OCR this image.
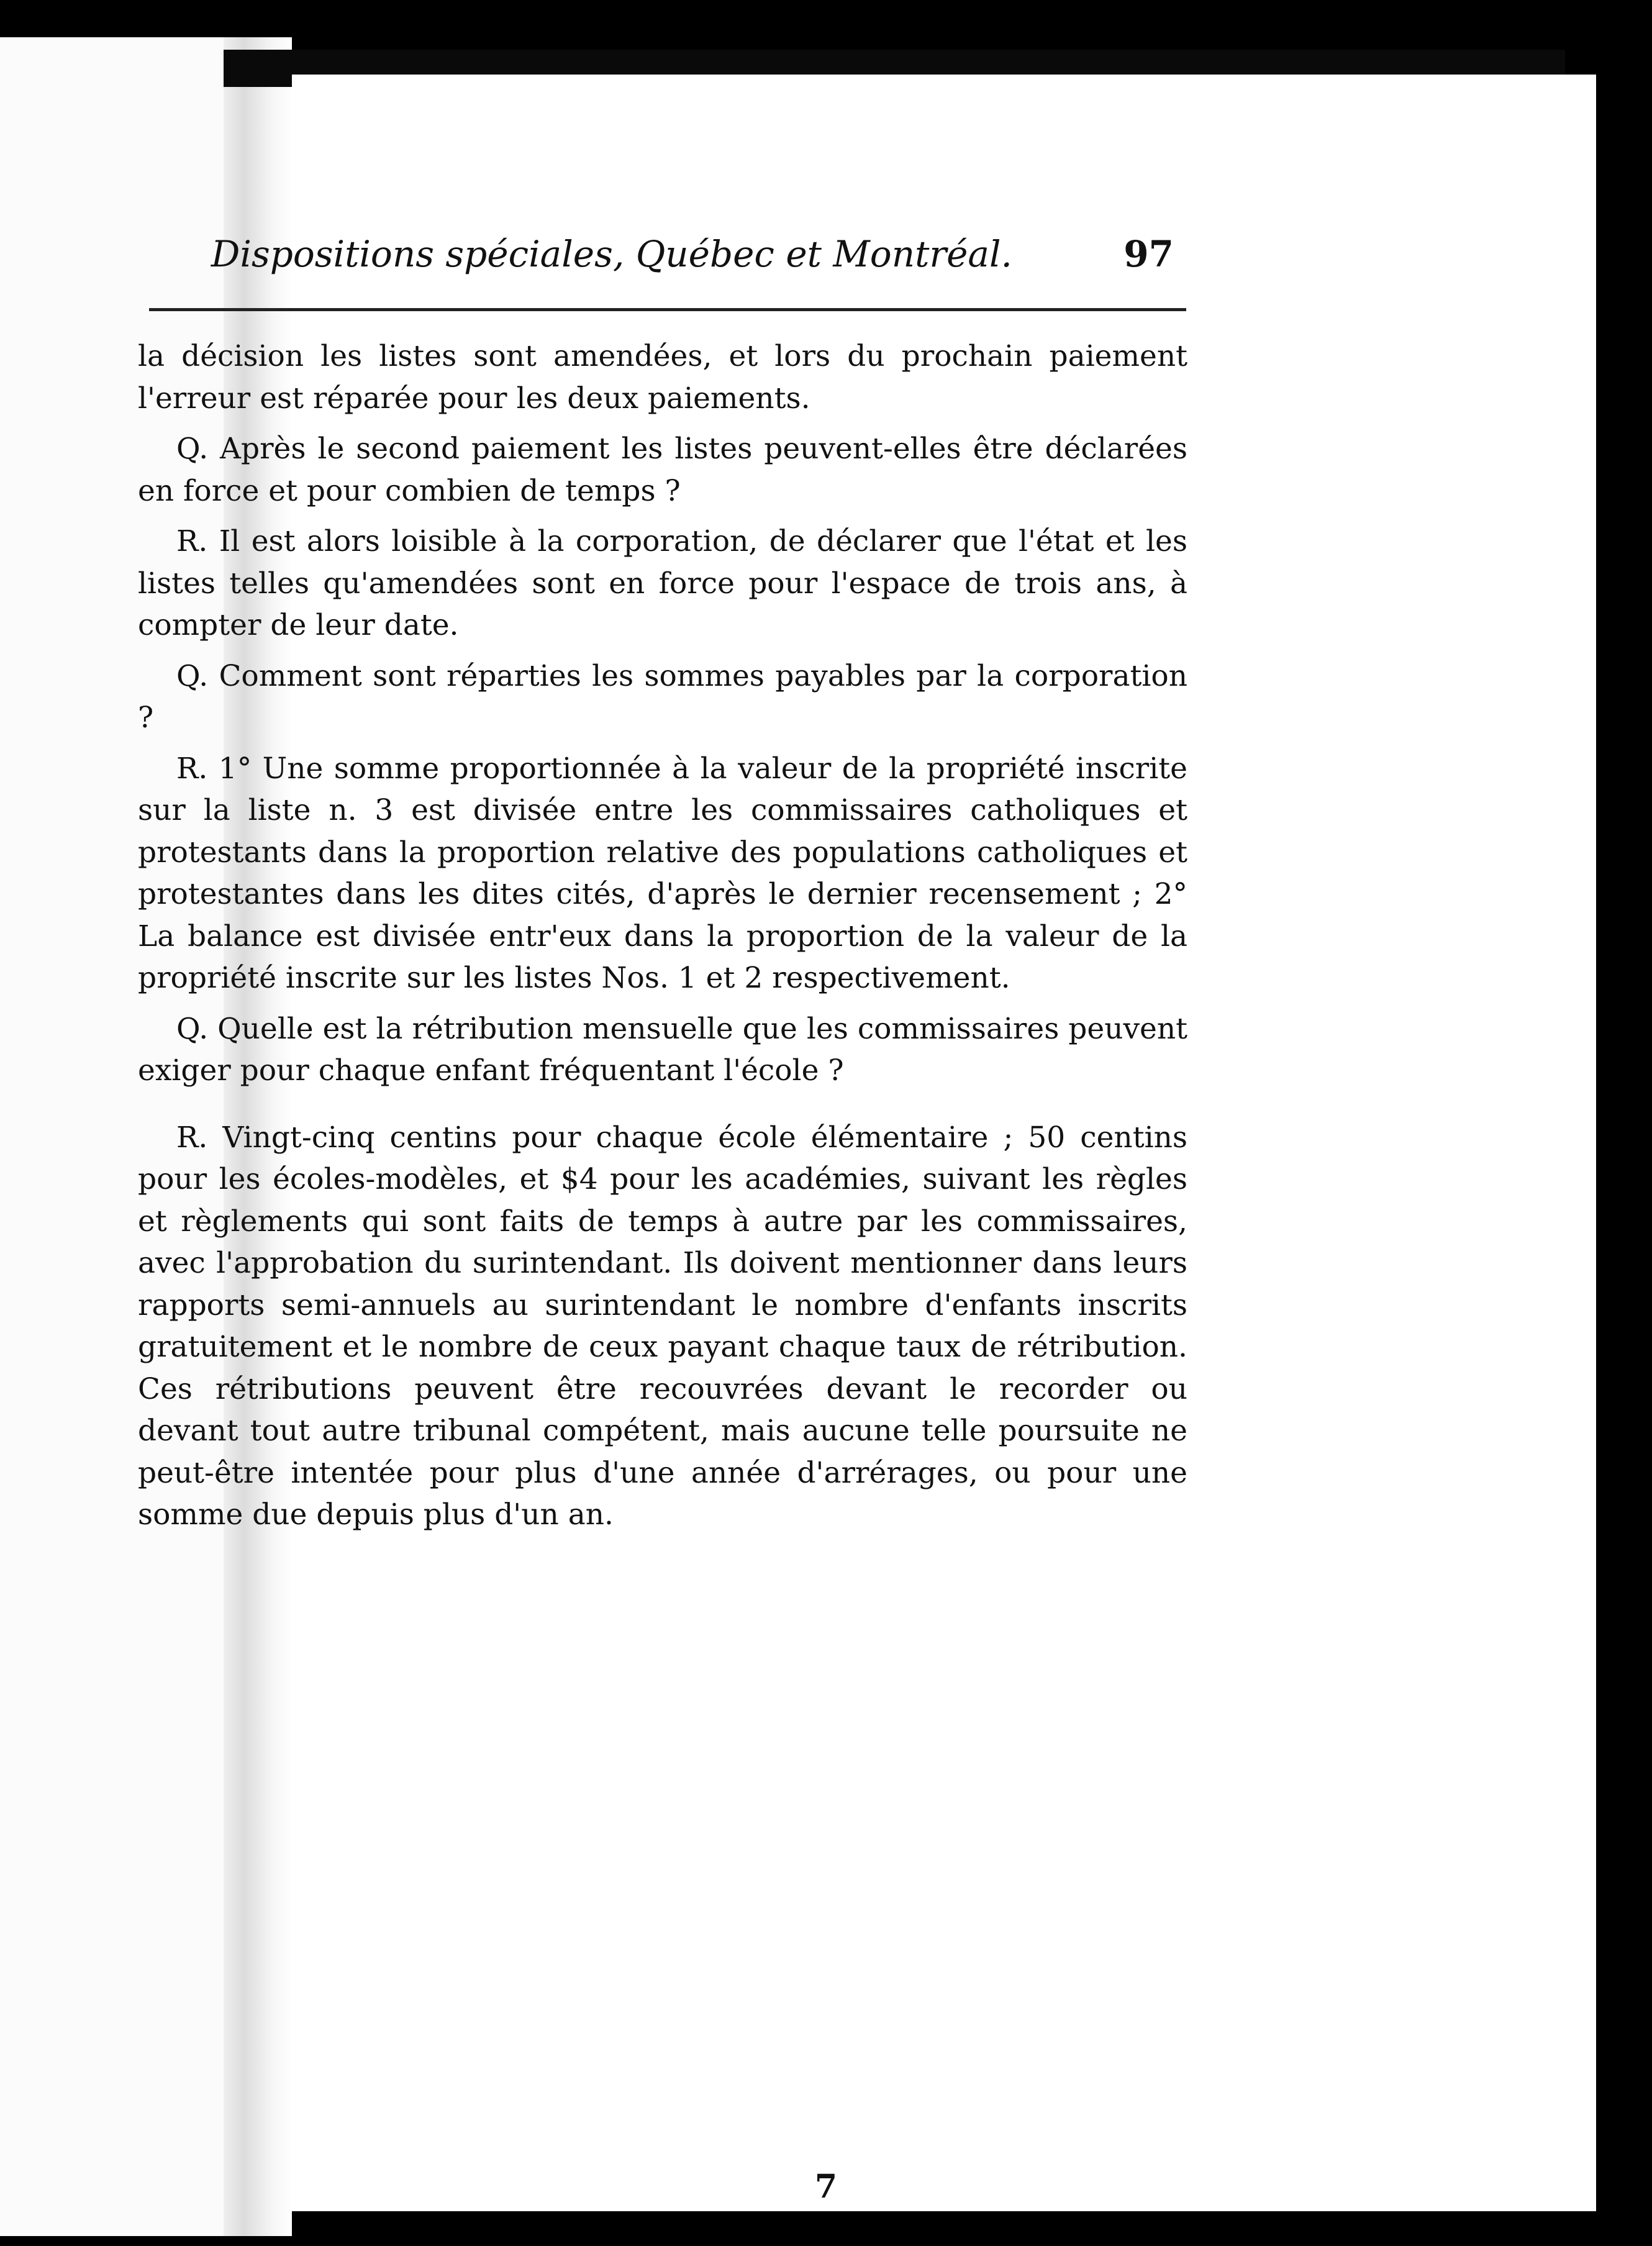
Dispositions spéciales, Québec et Montréal.	97

la décision les listes sont amendées, et lors du prochain paiement l'erreur est réparée pour les deux paiements.

Q. Après le second paiement les listes peuvent-elles être déclarées en force et pour combien de temps ?

R. Il est alors loisible à la corporation, de déclarer que l'état et les listes telles qu'amendées sont en force pour l'espace de trois ans, à compter de leur date.

Q. Comment sont réparties les sommes payables par la corporation ?

R. 1° Une somme proportionnée à la valeur de la propriété inscrite sur la liste n. 3 est divisée entre les commissaires catholiques et protestants dans la proportion relative des populations catholiques et protestantes dans les dites cités, d'après le dernier recensement ; 2° La balance est divisée entr'eux dans la proportion de la valeur de la propriété inscrite sur les listes Nos. 1 et 2 respectivement.

Q. Quelle est la rétribution mensuelle que les commissaires peuvent exiger pour chaque enfant fréquentant l'école ?

R. Vingt-cinq centins pour chaque école élémentaire ; 50 centins pour les écoles-modèles, et $4 pour les académies, suivant les règles et règlements qui sont faits de temps à autre par les commissaires, avec l'approbation du surintendant. Ils doivent mentionner dans leurs rapports semi-annuels au surintendant le nombre d'enfants inscrits gratuitement et le nombre de ceux payant chaque taux de rétribution. Ces rétributions peuvent être recouvrées devant le recorder ou devant tout autre tribunal compétent, mais aucune telle poursuite ne peut-être intentée pour plus d'une année d'arrérages, ou pour une somme due depuis plus d'un an.

7
